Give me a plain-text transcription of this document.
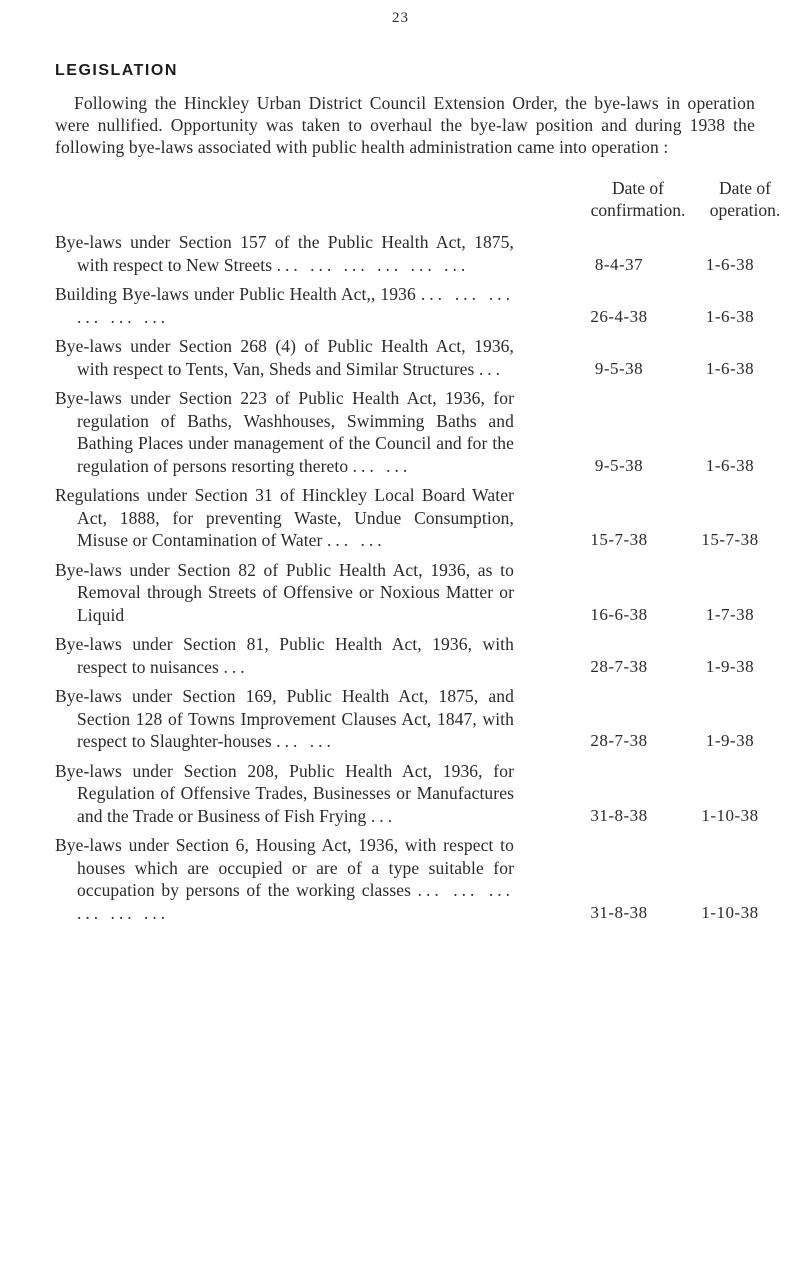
23
LEGISLATION

Following the Hinckley Urban District Council Extension Order, the bye-laws in operation were nullified. Opportunity was taken to overhaul the bye-law position and during 1938 the following bye-laws associated with public health administration came into operation :

Date of confirmation.
Date of operation.
Bye-laws under Section 157 of the Public Health Act, 1875, with respect to New Streets ... ... ... ... ... ...	8-4-37	1-6-38
Building Bye-laws under Public Health Act,, 1936 ... ... ... ... ... ...	26-4-38	1-6-38
Bye-laws under Section 268 (4) of Public Health Act, 1936, with respect to Tents, Van, Sheds and Similar Structures ...	9-5-38	1-6-38
Bye-laws under Section 223 of Public Health Act, 1936, for regulation of Baths, Washhouses, Swimming Baths and Bathing Places under management of the Council and for the regulation of persons resorting thereto ... ...	9-5-38	1-6-38
Regulations under Section 31 of Hinckley Local Board Water Act, 1888, for preventing Waste, Undue Consumption, Misuse or Contamination of Water ... ...	15-7-38	15-7-38
Bye-laws under Section 82 of Public Health Act, 1936, as to Removal through Streets of Offensive or Noxious Matter or Liquid	16-6-38	1-7-38
Bye-laws under Section 81, Public Health Act, 1936, with respect to nuisances ...	28-7-38	1-9-38
Bye-laws under Section 169, Public Health Act, 1875, and Section 128 of Towns Improvement Clauses Act, 1847, with respect to Slaughter-houses ... ...	28-7-38	1-9-38
Bye-laws under Section 208, Public Health Act, 1936, for Regulation of Offensive Trades, Businesses or Manufactures and the Trade or Business of Fish Frying ...	31-8-38	1-10-38
Bye-laws under Section 6, Housing Act, 1936, with respect to houses which are occupied or are of a type suitable for occupation by persons of the working classes ... ... ... ... ... ...	31-8-38	1-10-38
